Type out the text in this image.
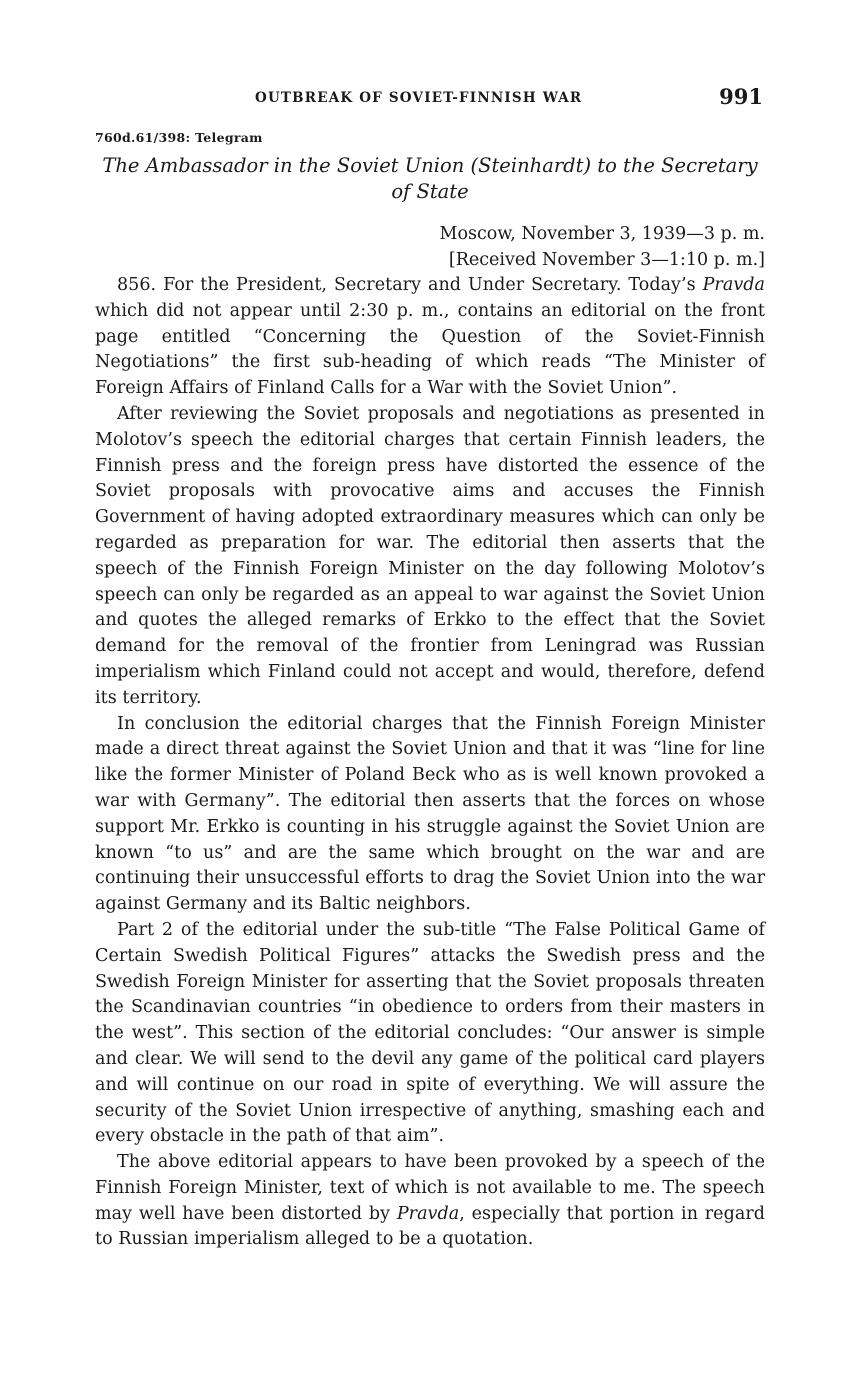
OUTBREAK OF SOVIET-FINNISH WAR	991
760d.61/398: Telegram
The Ambassador in the Soviet Union (Steinhardt) to the Secretary of State
Moscow, November 3, 1939—3 p. m.
[Received November 3—1:10 p. m.]

856. For the President, Secretary and Under Secretary. Today’s Pravda which did not appear until 2:30 p. m., contains an editorial on the front page entitled “Concerning the Question of the Soviet-Finnish Negotiations” the first sub-heading of which reads “The Minister of Foreign Affairs of Finland Calls for a War with the Soviet Union”.

After reviewing the Soviet proposals and negotiations as presented in Molotov’s speech the editorial charges that certain Finnish leaders, the Finnish press and the foreign press have distorted the essence of the Soviet proposals with provocative aims and accuses the Finnish Government of having adopted extraordinary measures which can only be regarded as preparation for war. The editorial then asserts that the speech of the Finnish Foreign Minister on the day following Molotov’s speech can only be regarded as an appeal to war against the Soviet Union and quotes the alleged remarks of Erkko to the effect that the Soviet demand for the removal of the frontier from Leningrad was Russian imperialism which Finland could not accept and would, therefore, defend its territory.

In conclusion the editorial charges that the Finnish Foreign Minister made a direct threat against the Soviet Union and that it was “line for line like the former Minister of Poland Beck who as is well known provoked a war with Germany”. The editorial then asserts that the forces on whose support Mr. Erkko is counting in his struggle against the Soviet Union are known “to us” and are the same which brought on the war and are continuing their unsuccessful efforts to drag the Soviet Union into the war against Germany and its Baltic neighbors.

Part 2 of the editorial under the sub-title “The False Political Game of Certain Swedish Political Figures” attacks the Swedish press and the Swedish Foreign Minister for asserting that the Soviet proposals threaten the Scandinavian countries “in obedience to orders from their masters in the west”. This section of the editorial concludes: “Our answer is simple and clear. We will send to the devil any game of the political card players and will continue on our road in spite of everything. We will assure the security of the Soviet Union irrespective of anything, smashing each and every obstacle in the path of that aim”.

The above editorial appears to have been provoked by a speech of the Finnish Foreign Minister, text of which is not available to me. The speech may well have been distorted by Pravda, especially that portion in regard to Russian imperialism alleged to be a quotation.
